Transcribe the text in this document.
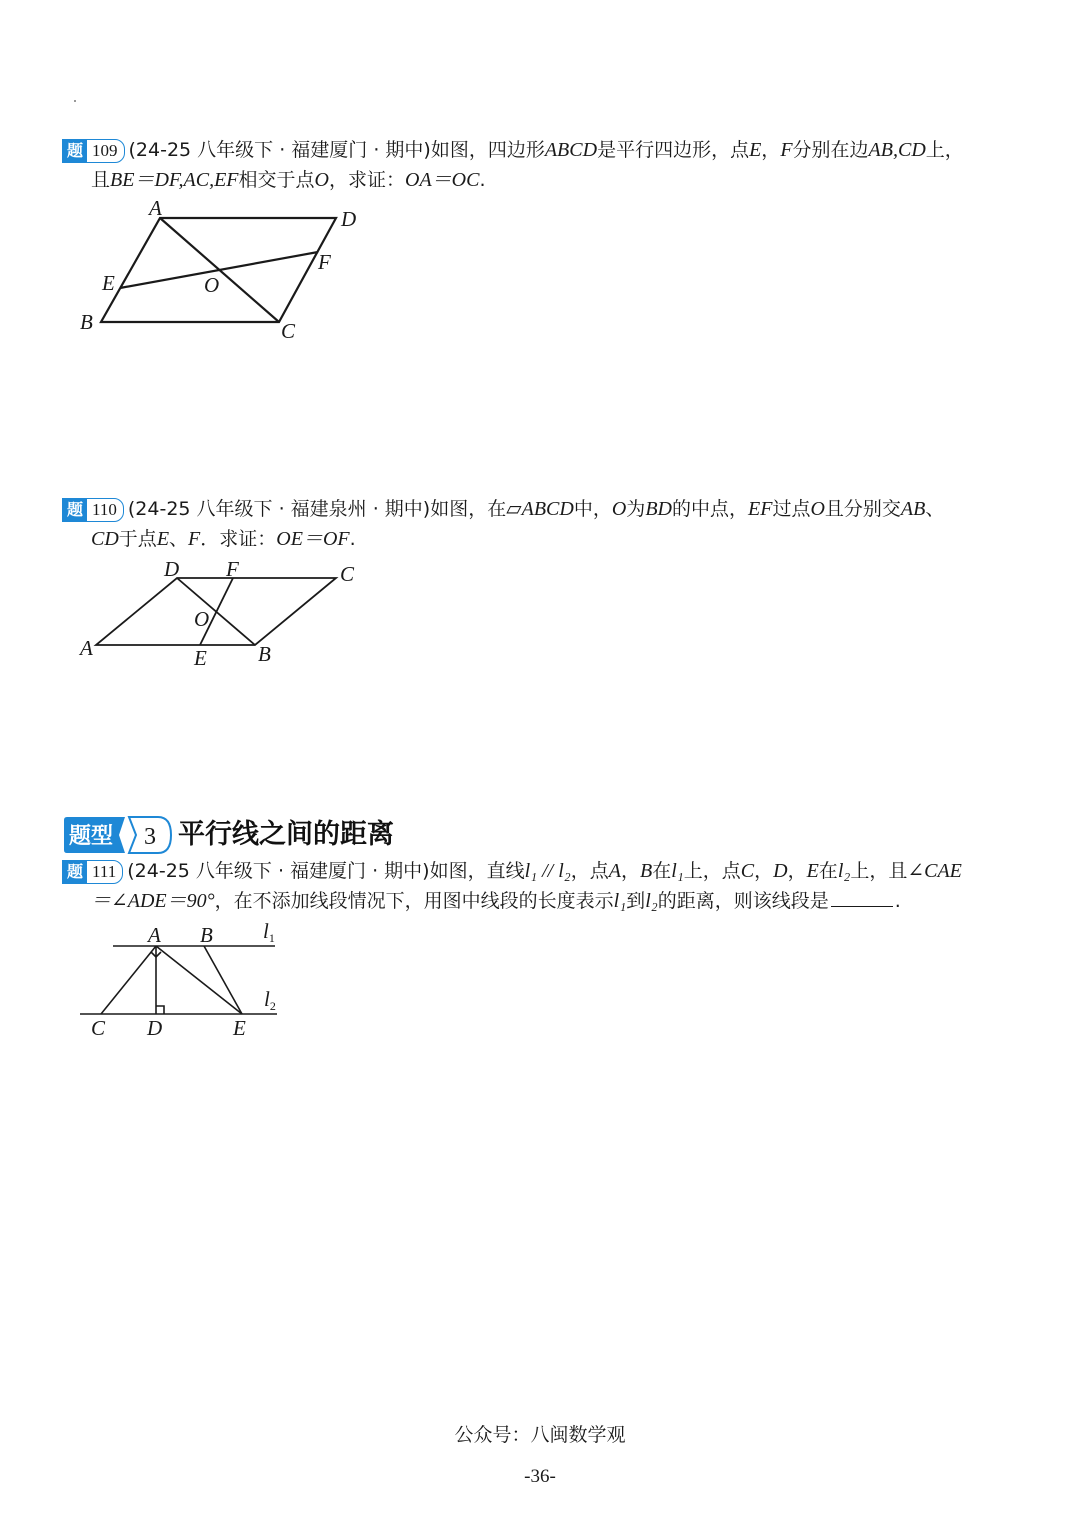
题 109 (24-25 八年级下 · 福建厦门 · 期中)如图，四边形ABCD是平行四边形，点E，F分别在边AB,CD上，
且BE＝DF,AC,EF相交于点O，求证：OA＝OC.
A	D
F
E	O
B	C
题 110 (24-25 八年级下 · 福建泉州 · 期中)如图，在▱ABCD中，O为BD的中点，EF过点O且分别交AB、
CD于点E、F．求证：OE＝OF.
D F	C
O
A	E B
题型 3 平行线之间的距离
题 111 (24-25 八年级下 · 福建厦门 · 期中)如图，直线l₁ // l₂，点A，B在l₁上，点C，D，E在l₂上，且∠CAE
＝∠ADE＝90°，在不添加线段情况下，用图中线段的长度表示l₁到l₂的距离，则该线段是	.
A B l1
l2
C D	E
公众号：八闽数学观
-36-
